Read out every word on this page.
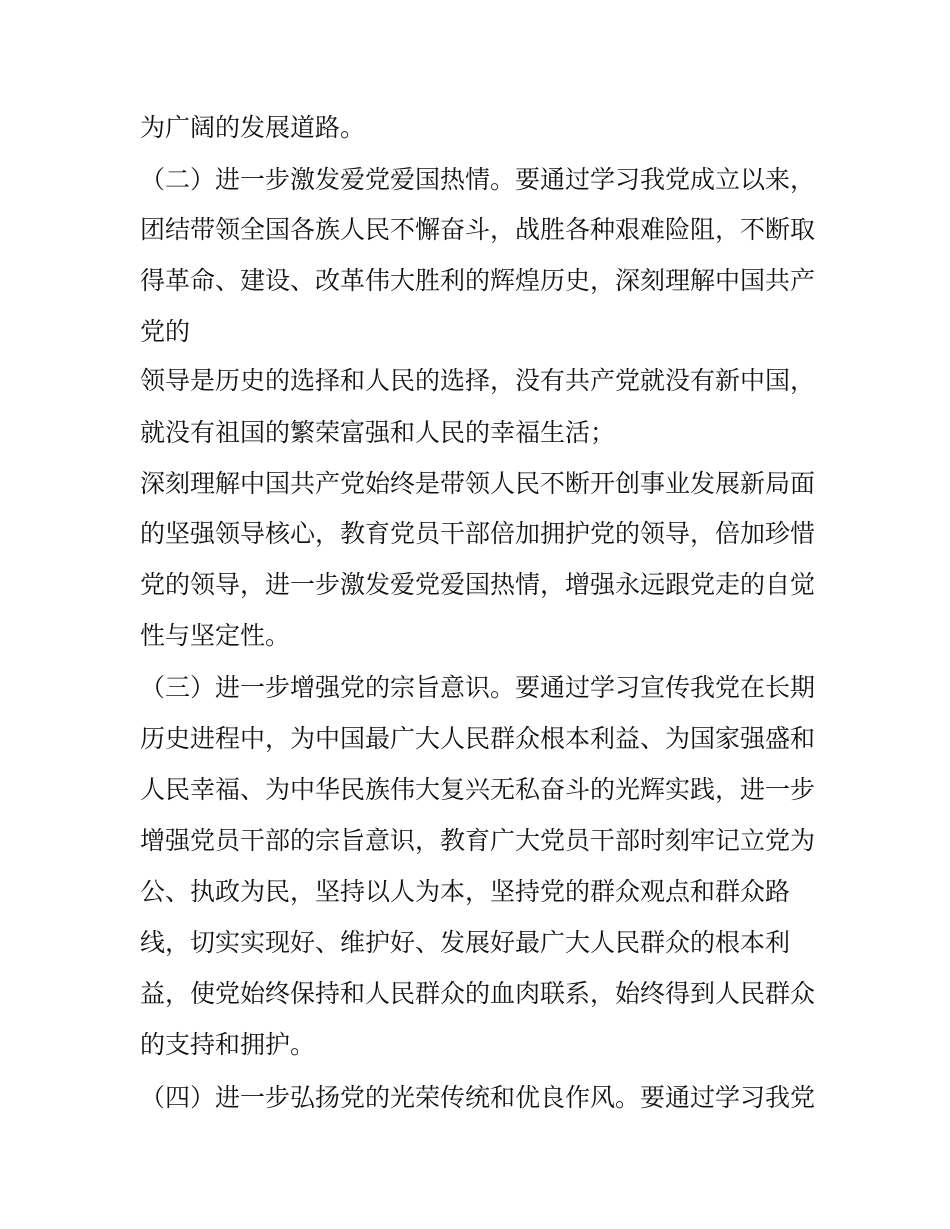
为广阔的发展道路。

（二）进一步激发爱党爱国热情。要通过学习我党成立以来，

团结带领全国各族人民不懈奋斗，战胜各种艰难险阻，不断取

得革命、建设、改革伟大胜利的辉煌历史，深刻理解中国共产

党的

领导是历史的选择和人民的选择，没有共产党就没有新中国，

就没有祖国的繁荣富强和人民的幸福生活；

深刻理解中国共产党始终是带领人民不断开创事业发展新局面

的坚强领导核心，教育党员干部倍加拥护党的领导，倍加珍惜

党的领导，进一步激发爱党爱国热情，增强永远跟党走的自觉

性与坚定性。

（三）进一步增强党的宗旨意识。要通过学习宣传我党在长期

历史进程中，为中国最广大人民群众根本利益、为国家强盛和

人民幸福、为中华民族伟大复兴无私奋斗的光辉实践，进一步

增强党员干部的宗旨意识，教育广大党员干部时刻牢记立党为

公、执政为民，坚持以人为本，坚持党的群众观点和群众路

线，切实实现好、维护好、发展好最广大人民群众的根本利

益，使党始终保持和人民群众的血肉联系，始终得到人民群众

的支持和拥护。

（四）进一步弘扬党的光荣传统和优良作风。要通过学习我党
